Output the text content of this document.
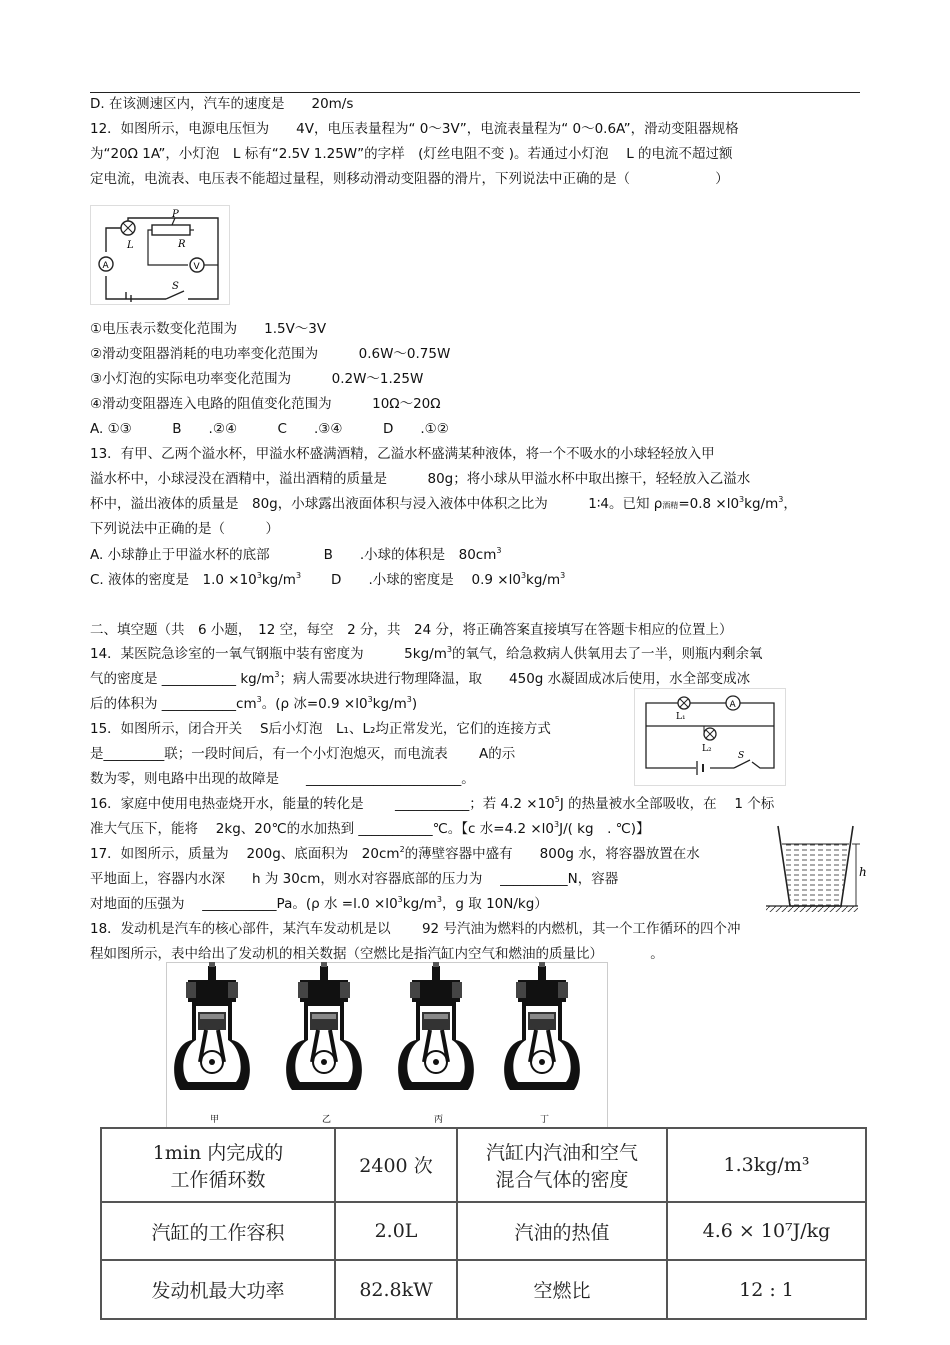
D. 在该测速区内，汽车的速度是　　20m/s
12．如图所示，电源电压恒为　　4V，电压表量程为“ 0～3V”，电流表量程为“ 0～0.6A”，滑动变阻器规格
为“20Ω 1A”，小灯泡　L 标有“2.5V 1.25W”的字样　(灯丝电阻不变 )。若通过小灯泡　 L 的电流不超过额
定电流，电流表、电压表不能超过量程，则移动滑动变阻器的滑片，下列说法中正确的是（　　　　　　 ）
L
P
R
A	V
S
①电压表示数变化范围为　　1.5V～3V
②滑动变阻器消耗的电功率变化范围为　　　0.6W～0.75W
③小灯泡的实际电功率变化范围为　　　0.2W～1.25W
④滑动变阻器连入电路的阻值变化范围为　　　10Ω～20Ω
A. ①③　　　B　　.②④　　　C　　.③④　　　D　　.①②
13．有甲、乙两个溢水杯，甲溢水杯盛满酒精，乙溢水杯盛满某种液体，将一个不吸水的小球轻轻放入甲
溢水杯中，小球浸没在酒精中，溢出酒精的质量是　　　80g；将小球从甲溢水杯中取出擦干，轻轻放入乙溢水
杯中，溢出液体的质量是　80g，小球露出液面体积与浸入液体中体积之比为　　　1∶4。已知 ρ酒精$=0.8 \times l0^3kg/m^3$，
下列说法中正确的是（　　　）
A. 小球静止于甲溢水杯的底部　　　　B　　.小球的体积是　$80cm^3$
C. 液体的密度是　$1.0 \times 10^3kg/m^3$ D　　.小球的密度是　 $0.9 \times l0^3kg/m^3$
二、填空题（共　6 小题，　12 空，每空　2 分，共　24 分，将正确答案直接填写在答题卡相应的位置上）
14．某医院急诊室的一氧气钢瓶中装有密度为　　　$5kg/m^3$的氧气，给急救病人供氧用去了一半，则瓶内剩余氧
气的密度是 ___________ $kg/m^3$；病人需要冰块进行物理降温，取　　450g 水凝固成冰后使用，水全部变成冰
后的体积为 $\_\_\_\_\_\_\_\_\_\_\_cm^3$。(ρ 冰$=0.9 \times l0^3kg/m^3$)
15．如图所示，闭合开关　 S后小灯泡　L₁、L₂均正常发光，它们的连接方式
是_________联；一段时间后，有一个小灯泡熄灭，而电流表　　 A的示
数为零，则电路中出现的故障是　　_______________________。
L₁
L₂
A
S
16．家庭中使用电热壶烧开水，能量的转化是　　 ___________；若 $4.2 \times 10^5J$ 的热量被水全部吸收，在　 1 个标
准大气压下，能将　 2kg、20℃的水加热到 ___________℃。【c 水$=4.2 \times l0^3J/$( kg　. ℃)】
17．如图所示，质量为　 200g、底面积为　$20cm^2$的薄壁容器中盛有　　800g 水，将容器放置在水
平地面上，容器内水深　　h 为 30cm，则水对容器底部的压力为　 __________N，容器
对地面的压强为　 ___________Pa。(ρ 水 $=l.0 \times l0^3kg/m^3$，g 取 10N/kg）
h
18．发动机是汽车的核心部件，某汽车发动机是以　　 92 号汽油为燃料的内燃机，其一个工作循环的四个冲
程如图所示，表中给出了发动机的相关数据（空燃比是指汽缸内空气和燃油的质量比）　　　　。
甲	乙	丙	丁
1min 内完成的
工作循环数	2400 次	汽缸内汽油和空气
混合气体的密度	1.3kg/m³
汽缸的工作容积	2.0L	汽油的热值	4.6 × 10⁷J/kg
发动机最大功率	82.8kW	空燃比	12 : 1
